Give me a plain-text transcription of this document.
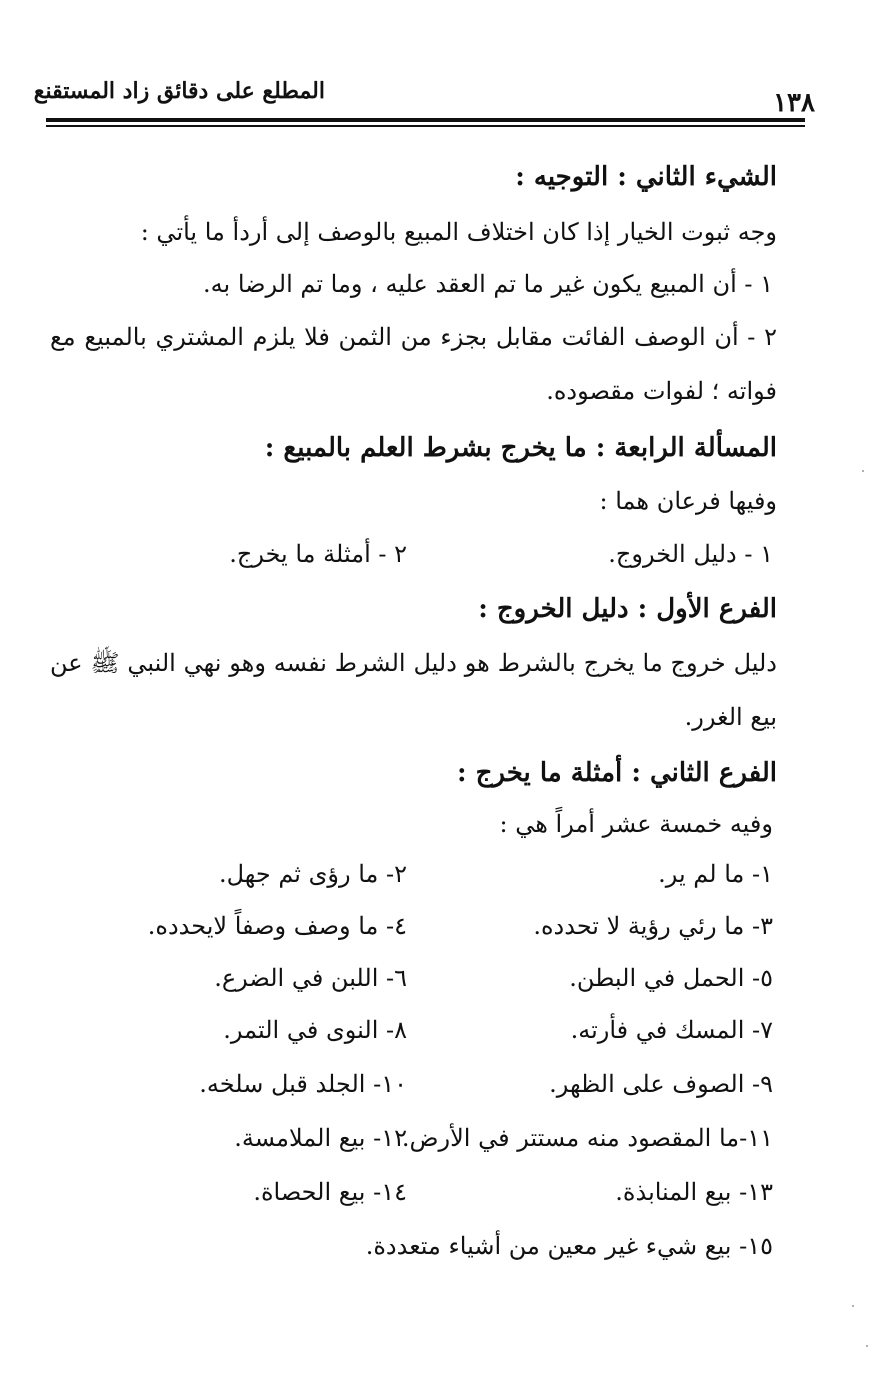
المطلع على دقائق زاد المستقنع	١٣٨
الشيء الثاني : التوجيه :
وجه ثبوت الخيار إذا كان اختلاف المبيع بالوصف إلى أردأ ما يأتي :
١ - أن المبيع يكون غير ما تم العقد عليه ، وما تم الرضا به.
٢ - أن الوصف الفائت مقابل بجزء من الثمن فلا يلزم المشتري بالمبيع مع
فواته ؛ لفوات مقصوده.
المسألة الرابعة : ما يخرج بشرط العلم بالمبيع :
وفيها فرعان هما :
١ - دليل الخروج.
٢ - أمثلة ما يخرج.
الفرع الأول : دليل الخروج :
دليل خروج ما يخرج بالشرط هو دليل الشرط نفسه وهو نهي النبي ﷺ عن
بيع الغرر.
الفرع الثاني : أمثلة ما يخرج :
وفيه خمسة عشر أمراً هي :
١- ما لم ير.
٢- ما رؤى ثم جهل.
٣- ما رئي رؤية لا تحدده.
٤- ما وصف وصفاً لايحدده.
٥- الحمل في البطن.
٦- اللبن في الضرع.
٧- المسك في فأرته.
٨- النوى في التمر.
٩- الصوف على الظهر.
١٠- الجلد قبل سلخه.
١١-ما المقصود منه مستتر في الأرض.
١٢- بيع الملامسة.
١٣- بيع المنابذة.
١٤- بيع الحصاة.
١٥- بيع شيء غير معين من أشياء متعددة.
